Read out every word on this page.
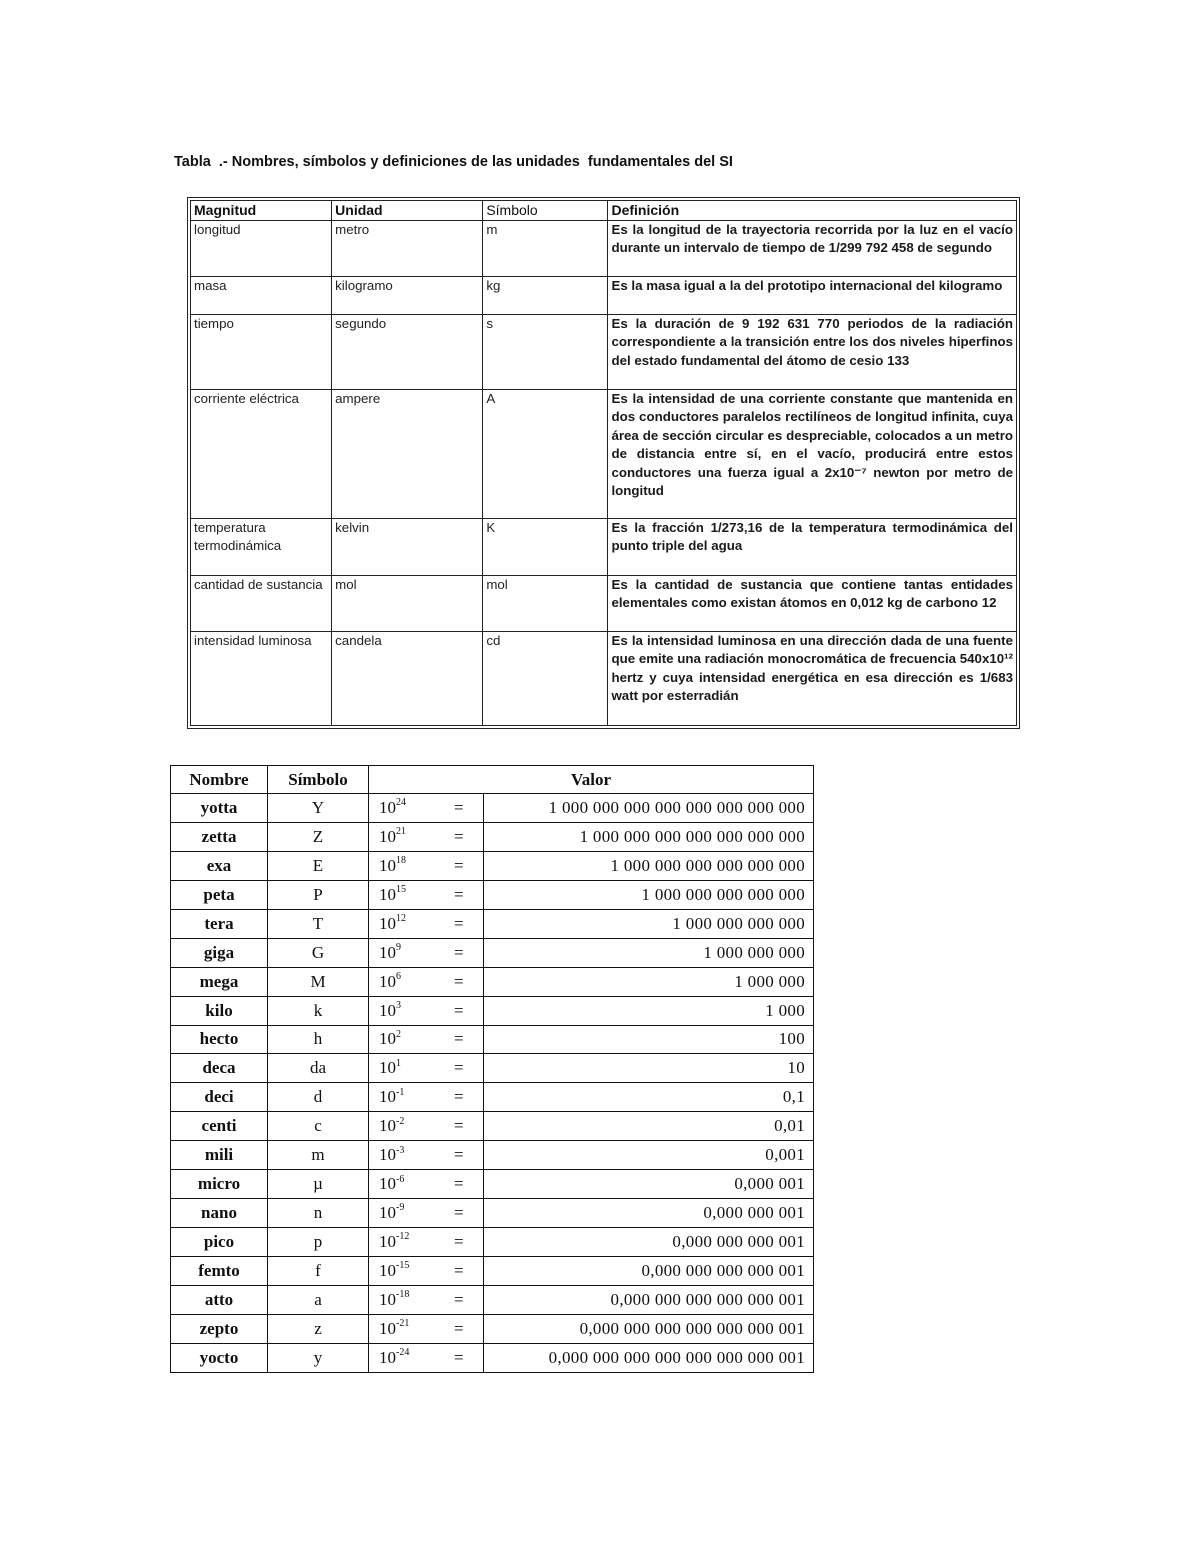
Tabla  .- Nombres, símbolos y definiciones de las unidades  fundamentales del SI
Magnitud	Unidad	Símbolo	Definición
longitud	metro	m	Es la longitud de la trayectoria recorrida por la luz en el vacío durante un intervalo de tiempo de 1/299 792 458 de segundo
masa	kilogramo	kg	Es la masa igual a la del prototipo internacional del kilogramo
tiempo	segundo	s	Es la duración de 9 192 631 770 periodos de la radiación correspondiente a la transición entre los dos niveles hiperfinos del estado fundamental del átomo de cesio 133
corriente eléctrica	ampere	A	Es la intensidad de una corriente constante que mantenida en dos conductores paralelos rectilíneos de longitud infinita, cuya área de sección circular es despreciable, colocados a un metro de distancia entre sí, en el vacío, producirá entre estos conductores una fuerza igual a 2x10⁻⁷ newton por metro de longitud
temperatura termodinámica	kelvin	K	Es la fracción 1/273,16 de la temperatura termodinámica del punto triple del agua
cantidad de sustancia	mol	mol	Es la cantidad de sustancia que contiene tantas entidades elementales como existan átomos en 0,012 kg de carbono 12
intensidad luminosa	candela	cd	Es la intensidad luminosa en una dirección dada de una fuente que emite una radiación monocromática de frecuencia 540x10¹² hertz y cuya intensidad energética en esa dirección es 1/683 watt por esterradián
Nombre	Símbolo	Valor		
yotta	Y	$10^{24}$	=	1 000 000 000 000 000 000 000 000
zetta	Z	$10^{21}$	=	1 000 000 000 000 000 000 000
exa	E	$10^{18}$	=	1 000 000 000 000 000 000
peta	P	$10^{15}$	=	1 000 000 000 000 000
tera	T	$10^{12}$	=	1 000 000 000 000
giga	G	$10^9$	=	1 000 000 000
mega	M	$10^6$	=	1 000 000
kilo	k	$10^3$	=	1 000
hecto	h	$10^2$	=	100
deca	da	$10^1$	=	10
deci	d	$10^{-1}$	=	0,1
centi	c	$10^{-2}$	=	0,01
mili	m	$10^{-3}$	=	0,001
micro	µ	$10^{-6}$	=	0,000 001
nano	n	$10^{-9}$	=	0,000 000 001
pico	p	$10^{-12}$	=	0,000 000 000 001
femto	f	$10^{-15}$	=	0,000 000 000 000 001
atto	a	$10^{-18}$	=	0,000 000 000 000 000 001
zepto	z	$10^{-21}$	=	0,000 000 000 000 000 000 001
yocto	y	$10^{-24}$	=	0,000 000 000 000 000 000 000 001
